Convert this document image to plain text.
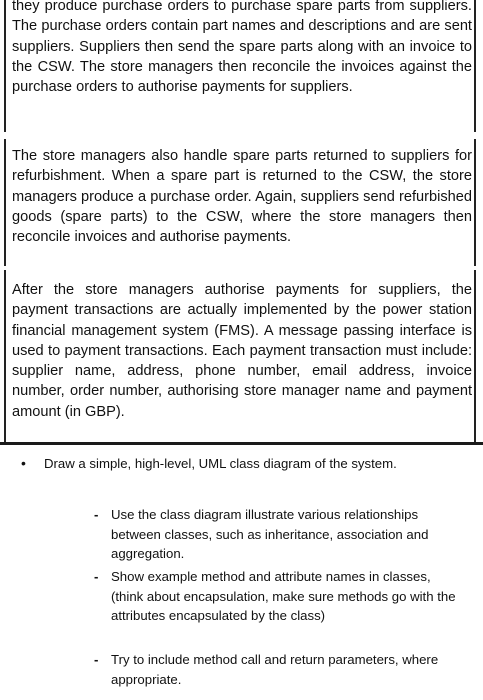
they produce purchase orders to purchase spare parts from suppliers. The purchase orders contain part names and descriptions and are sent suppliers. Suppliers then send the spare parts along with an invoice to the CSW. The store managers then reconcile the invoices against the purchase orders to authorise payments for suppliers.

The store managers also handle spare parts returned to suppliers for refurbishment. When a spare part is returned to the CSW, the store managers produce a purchase order. Again, suppliers send refurbished goods (spare parts) to the CSW, where the store managers then reconcile invoices and authorise payments.

After the store managers authorise payments for suppliers, the payment transactions are actually implemented by the power station financial management system (FMS). A message passing interface is used to payment transactions. Each payment transaction must include: supplier name, address, phone number, email address, invoice number, order number, authorising store manager name and payment amount (in GBP).

•	Draw a simple, high-level, UML class diagram of the system.

- Use the class diagram illustrate various relationships between classes, such as inheritance, association and aggregation.

- Show example method and attribute names in classes, (think about encapsulation, make sure methods go with the attributes encapsulated by the class)

- Try to include method call and return parameters, where appropriate.
